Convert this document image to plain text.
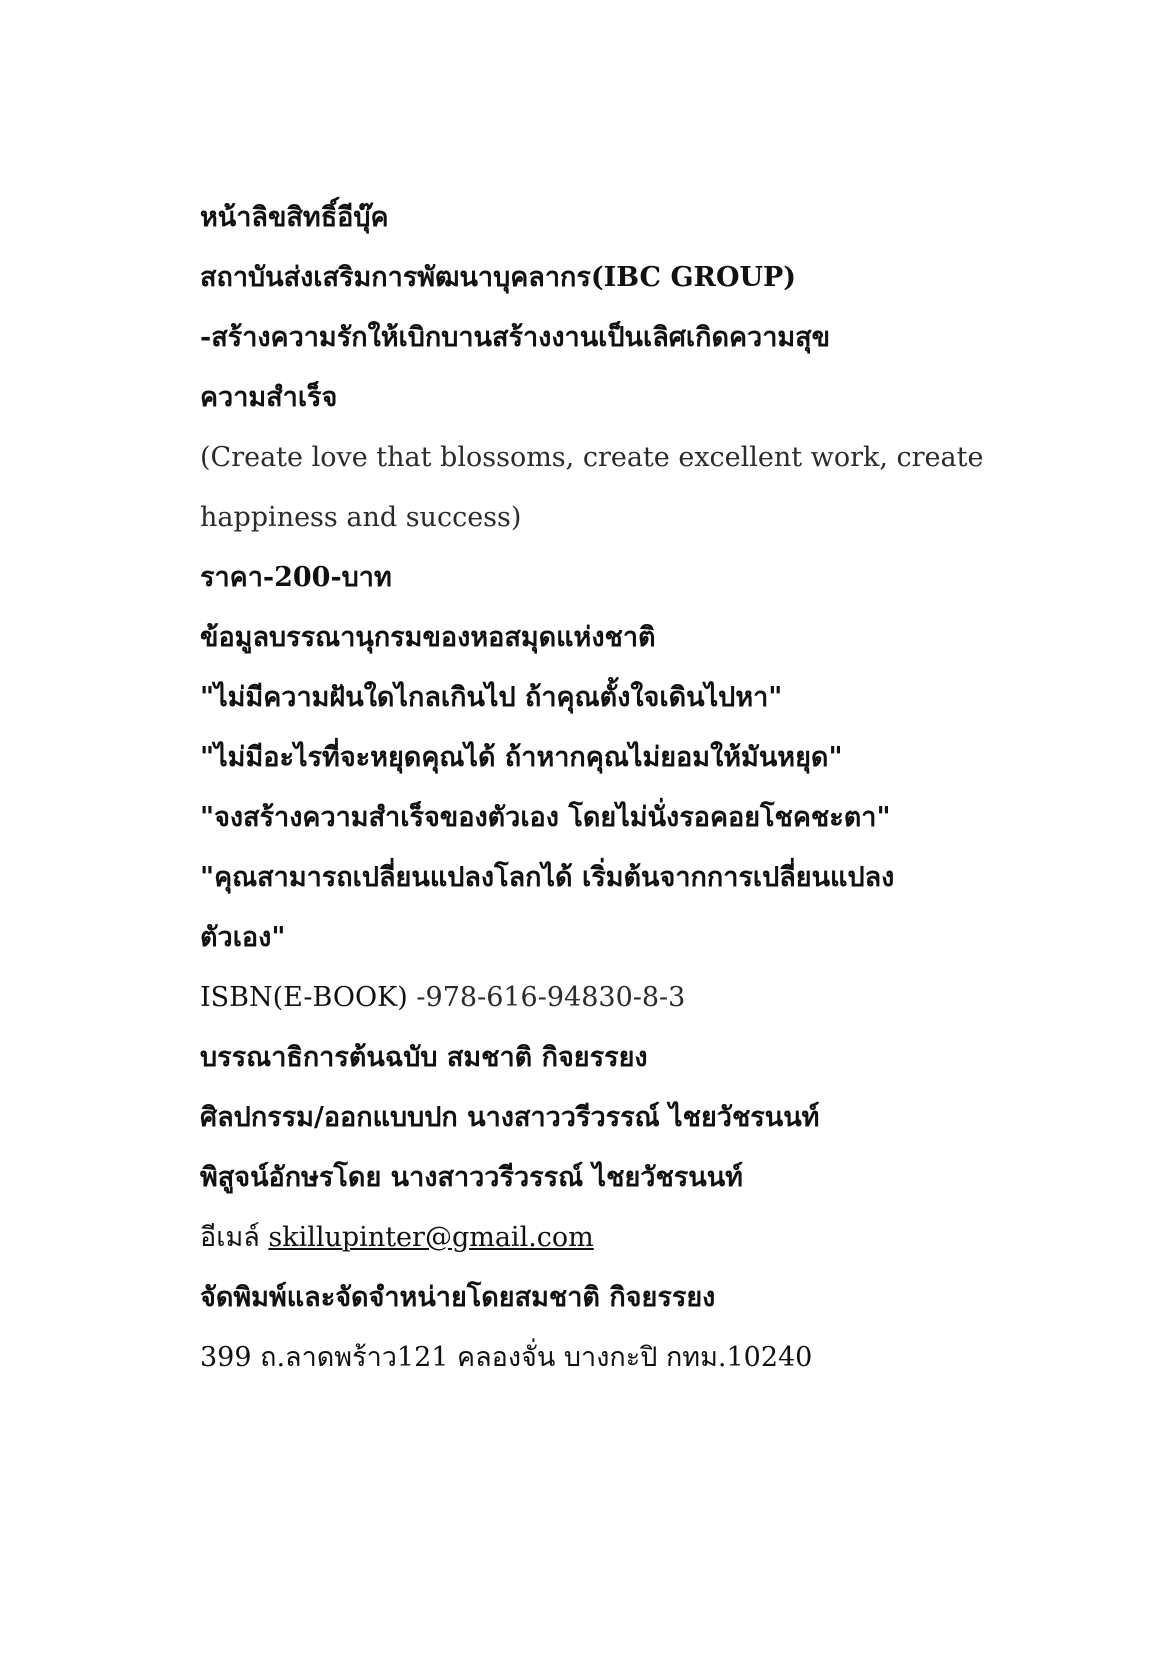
หน้าลิขสิทธิ์อีบุ๊ค
สถาบันส่งเสริมการพัฒนาบุคลากร(IBC GROUP)
-สร้างความรักให้เบิกบานสร้างงานเป็นเลิศเกิดความสุข
ความสำเร็จ
(Create love that blossoms, create excellent work, create
happiness and success)
ราคา-200-บาท
ข้อมูลบรรณานุกรมของหอสมุดแห่งชาติ
"ไม่มีความฝันใดไกลเกินไป ถ้าคุณตั้งใจเดินไปหา"
"ไม่มีอะไรที่จะหยุดคุณได้ ถ้าหากคุณไม่ยอมให้มันหยุด"
"จงสร้างความสำเร็จของตัวเอง โดยไม่นั่งรอคอยโชคชะตา"
"คุณสามารถเปลี่ยนแปลงโลกได้ เริ่มต้นจากการเปลี่ยนแปลง
ตัวเอง"
ISBN(E-BOOK) -978-616-94830-8-3
บรรณาธิการต้นฉบับ สมชาติ กิจยรรยง
ศิลปกรรม/ออกแบบปก นางสาววรีวรรณ์ ไชยวัชรนนท์
พิสูจน์อักษรโดย นางสาววรีวรรณ์ ไชยวัชรนนท์
อีเมล์ skillupinter@gmail.com
จัดพิมพ์และจัดจำหน่ายโดยสมชาติ กิจยรรยง
399 ถ.ลาดพร้าว121 คลองจั่น บางกะปิ กทม.10240
